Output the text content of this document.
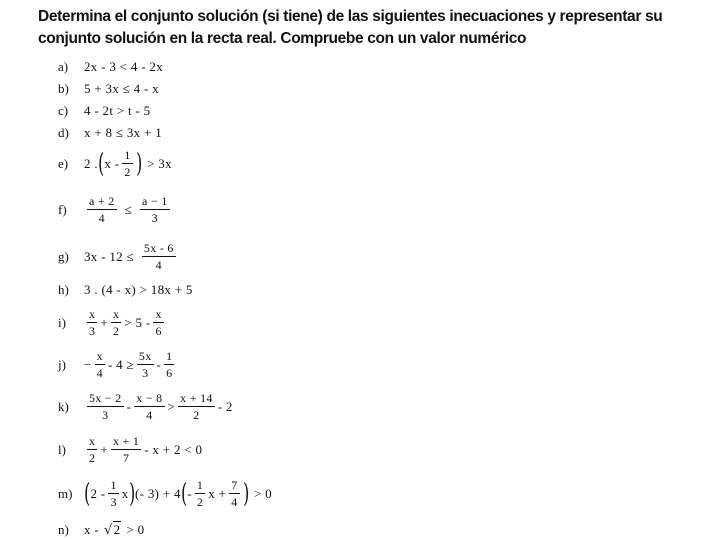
Determina el conjunto solución (si tiene) de las siguientes inecuaciones y representar su
conjunto solución en la recta real. Compruebe con un valor numérico
a)	2x - 3 < 4 - 2x
b)	5 + 3x ≤ 4 - x
c)	4 - 2t > t - 5
d)	x + 8 ≤ 3x + 1
e)	2 . ( x - $\frac{1}{2}$ ) > 3x
f)	$\frac{a + 2}{4} \le \frac{a - 1}{3}$
g)	$3x - 12 \le \frac{5x - 6}{4}$
h)	3 . (4 - x) > 18x + 5
i)	$\frac{x}{3} + \frac{x}{2} > 5 - \frac{x}{6}$
j)	− $\frac{x}{4} - 4 \ge \frac{5x}{3} - \frac{1}{6}$
k)	$\frac{5x - 2}{3} - \frac{x - 8}{4} > \frac{x + 14}{2} - 2$
l)	$\frac{x}{2} + \frac{x + 1}{7} - x + 2 < 0$
m) ( $2 - \frac{1}{3}$ x ) (- 3) + 4 ( - $\frac{1}{2}$ $x + \frac{7}{4}$ ) > 0
n)	x - √ 2 > 0
